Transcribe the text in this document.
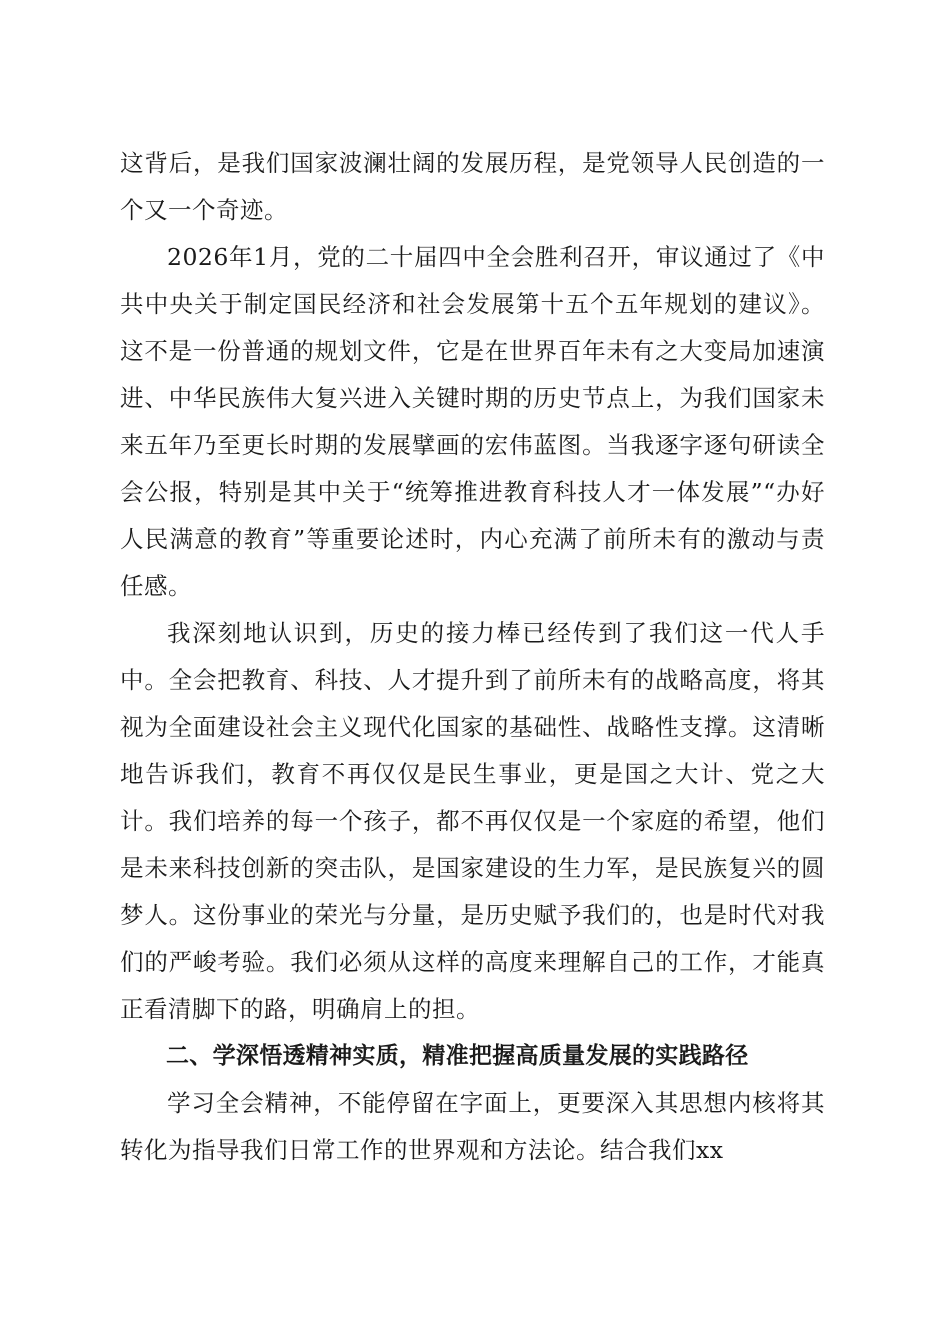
这背后，是我们国家波澜壮阔的发展历程，是党领导人民创造的一个又一个奇迹。

2026年1月，党的二十届四中全会胜利召开，审议通过了《中共中央关于制定国民经济和社会发展第十五个五年规划的建议》。这不是一份普通的规划文件，它是在世界百年未有之大变局加速演进、中华民族伟大复兴进入关键时期的历史节点上，为我们国家未来五年乃至更长时期的发展擘画的宏伟蓝图。当我逐字逐句研读全会公报，特别是其中关于“统筹推进教育科技人才一体发展”“办好人民满意的教育”等重要论述时，内心充满了前所未有的激动与责任感。

我深刻地认识到，历史的接力棒已经传到了我们这一代人手中。全会把教育、科技、人才提升到了前所未有的战略高度，将其视为全面建设社会主义现代化国家的基础性、战略性支撑。这清晰地告诉我们，教育不再仅仅是民生事业，更是国之大计、党之大计。我们培养的每一个孩子，都不再仅仅是一个家庭的希望，他们是未来科技创新的突击队，是国家建设的生力军，是民族复兴的圆梦人。这份事业的荣光与分量，是历史赋予我们的，也是时代对我们的严峻考验。我们必须从这样的高度来理解自己的工作，才能真正看清脚下的路，明确肩上的担。

二、学深悟透精神实质，精准把握高质量发展的实践路径

学习全会精神，不能停留在字面上，更要深入其思想内核将其转化为指导我们日常工作的世界观和方法论。结合我们xx
